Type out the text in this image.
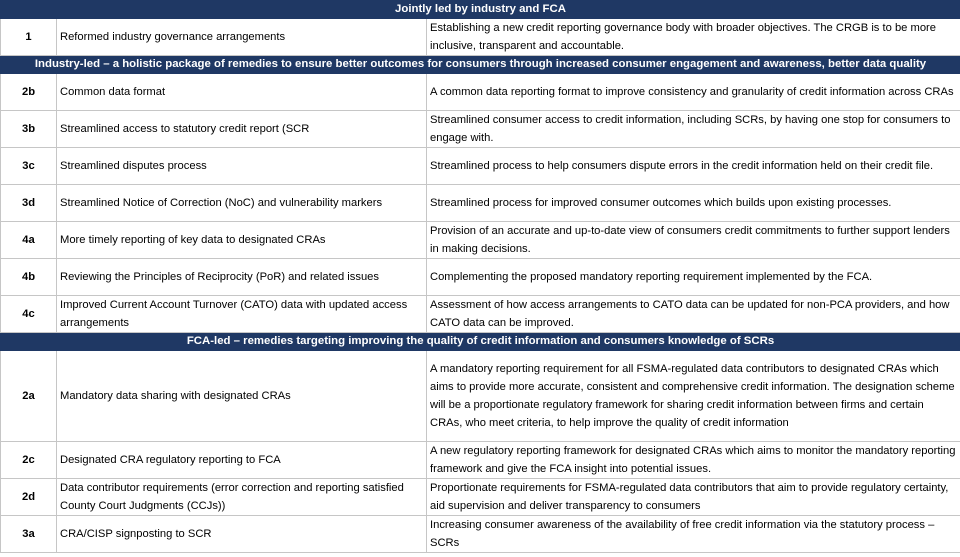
Jointly led by industry and FCA		
1	Reformed industry governance arrangements	Establishing a new credit reporting governance body with broader objectives. The CRGB is to be more inclusive, transparent and accountable.
Industry-led – a holistic package of remedies to ensure better outcomes for consumers through increased consumer engagement and awareness, better data quality		
2b	Common data format	A common data reporting format to improve consistency and granularity of credit information across CRAs
3b	Streamlined access to statutory credit report (SCR	Streamlined consumer access to credit information, including SCRs, by having one stop for consumers to engage with.
3c	Streamlined disputes process	Streamlined process to help consumers dispute errors in the credit information held on their credit file.
3d	Streamlined Notice of Correction (NoC) and vulnerability markers	Streamlined process for improved consumer outcomes which builds upon existing processes.
4a	More timely reporting of key data to designated CRAs	Provision of an accurate and up-to-date view of consumers credit commitments to further support lenders in making decisions.
4b	Reviewing the Principles of Reciprocity (PoR) and related issues	Complementing the proposed mandatory reporting requirement implemented by the FCA.
4c	Improved Current Account Turnover (CATO) data with updated access arrangements	Assessment of how access arrangements to CATO data can be updated for non-PCA providers, and how CATO data can be improved.
FCA-led – remedies targeting improving the quality of credit information and consumers knowledge of SCRs		
2a	Mandatory data sharing with designated CRAs	A mandatory reporting requirement for all FSMA-regulated data contributors to designated CRAs which aims to provide more accurate, consistent and comprehensive credit information. The designation scheme will be a proportionate regulatory framework for sharing credit information between firms and certain CRAs, who meet criteria, to help improve the quality of credit information
2c	Designated CRA regulatory reporting to FCA	A new regulatory reporting framework for designated CRAs which aims to monitor the mandatory reporting framework and give the FCA insight into potential issues.
2d	Data contributor requirements (error correction and reporting satisfied County Court Judgments (CCJs))	Proportionate requirements for FSMA-regulated data contributors that aim to provide regulatory certainty, aid supervision and deliver transparency to consumers
3a	CRA/CISP signposting to SCR	Increasing consumer awareness of the availability of free credit information via the statutory process – SCRs
